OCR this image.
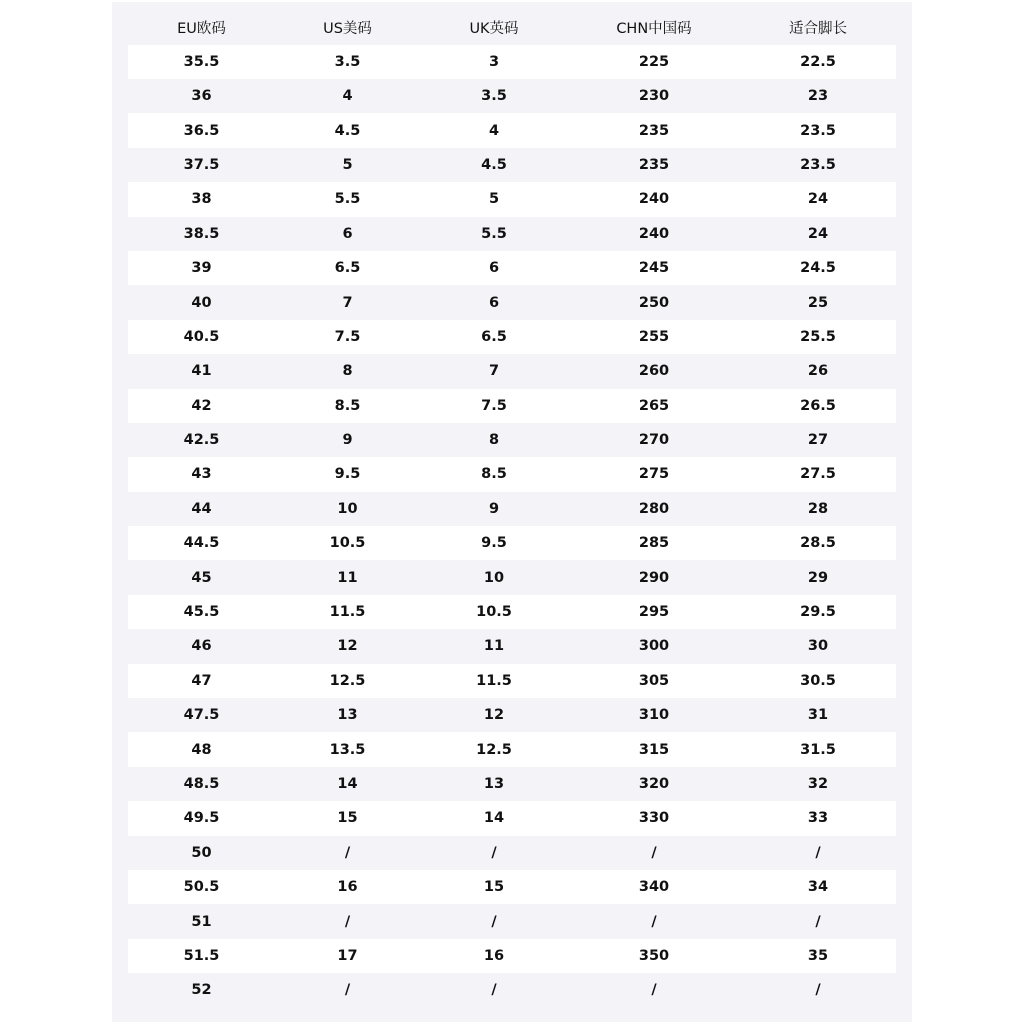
EU欧码	US美码	UK英码	CHN中国码	适合脚长
35.5	3.5	3	225	22.5
36	4	3.5	230	23
36.5	4.5	4	235	23.5
37.5	5	4.5	235	23.5
38	5.5	5	240	24
38.5	6	5.5	240	24
39	6.5	6	245	24.5
40	7	6	250	25
40.5	7.5	6.5	255	25.5
41	8	7	260	26
42	8.5	7.5	265	26.5
42.5	9	8	270	27
43	9.5	8.5	275	27.5
44	10	9	280	28
44.5	10.5	9.5	285	28.5
45	11	10	290	29
45.5	11.5	10.5	295	29.5
46	12	11	300	30
47	12.5	11.5	305	30.5
47.5	13	12	310	31
48	13.5	12.5	315	31.5
48.5	14	13	320	32
49.5	15	14	330	33
50	/	/	/	/
50.5	16	15	340	34
51	/	/	/	/
51.5	17	16	350	35
52	/	/	/	/
